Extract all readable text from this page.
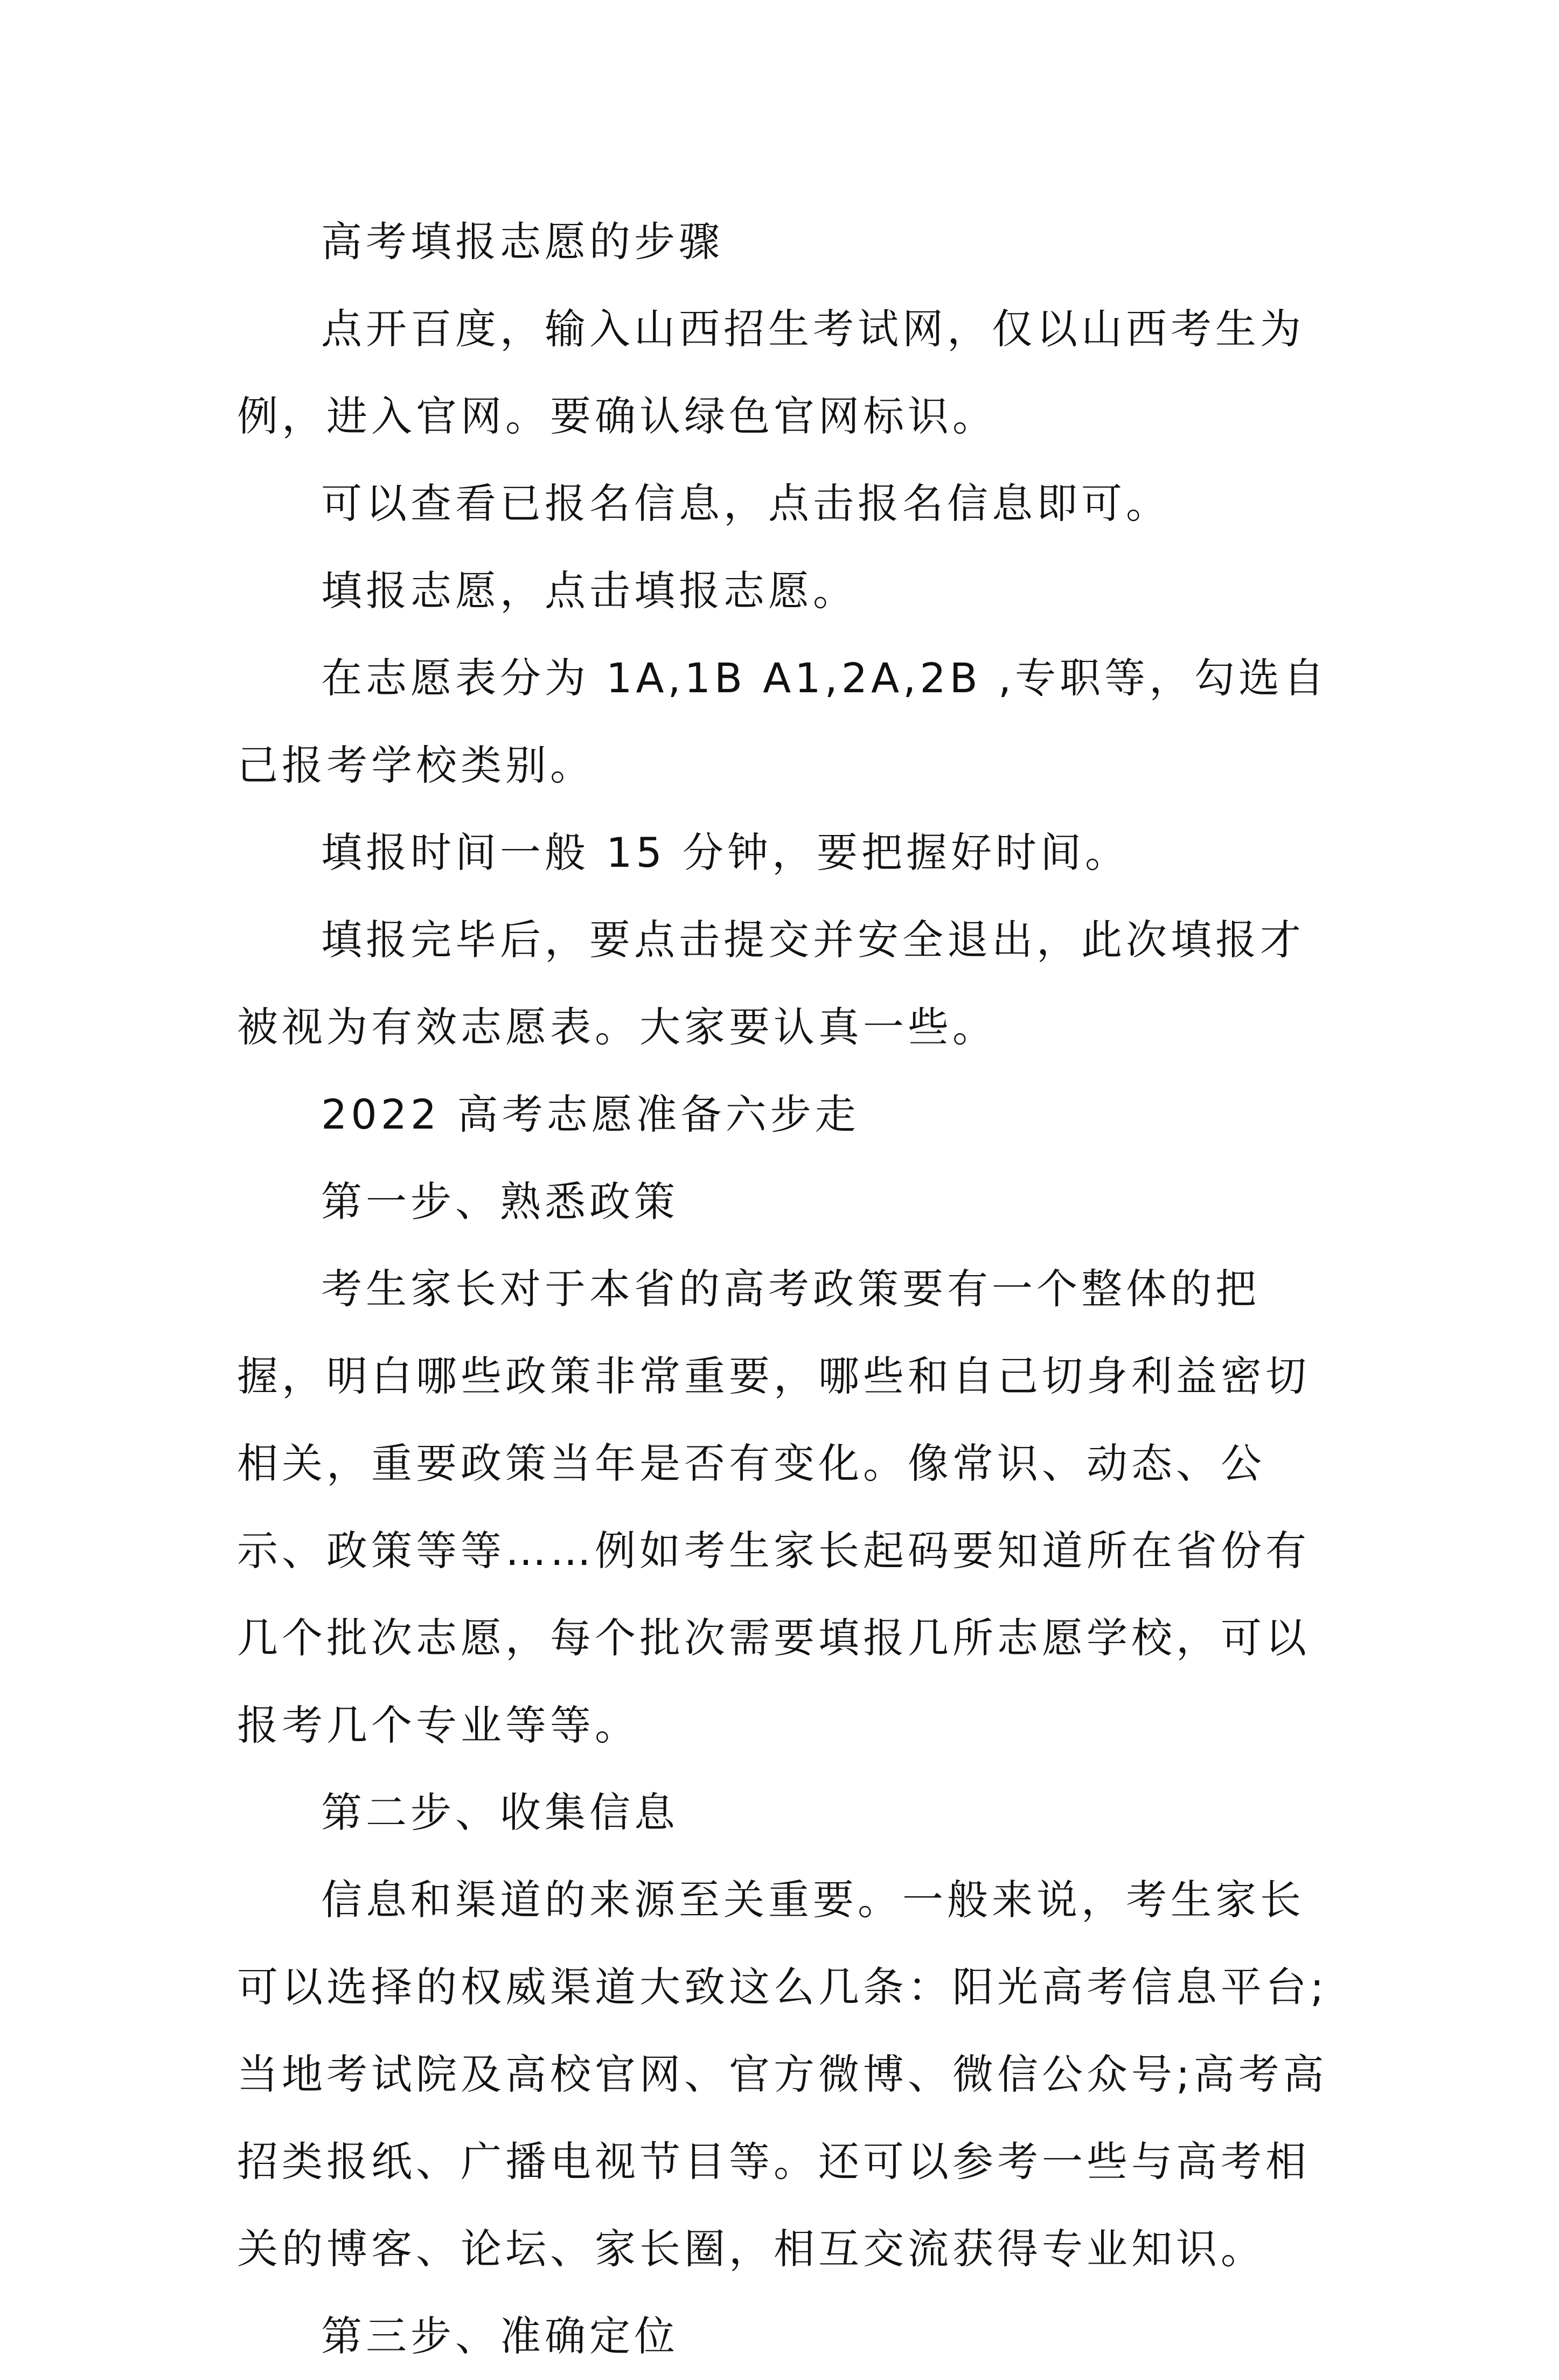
高考填报志愿的步骤

点开百度，输入山西招生考试网，仅以山西考生为例，进入官网。要确认绿色官网标识。

可以查看已报名信息，点击报名信息即可。

填报志愿，点击填报志愿。

在志愿表分为 1A,1B A1,2A,2B ,专职等，勾选自己报考学校类别。

填报时间一般 15 分钟，要把握好时间。

填报完毕后，要点击提交并安全退出，此次填报才被视为有效志愿表。大家要认真一些。

2022 高考志愿准备六步走

第一步、熟悉政策

考生家长对于本省的高考政策要有一个整体的把握，明白哪些政策非常重要，哪些和自己切身利益密切相关，重要政策当年是否有变化。像常识、动态、公示、政策等等……例如考生家长起码要知道所在省份有几个批次志愿，每个批次需要填报几所志愿学校，可以报考几个专业等等。

第二步、收集信息

信息和渠道的来源至关重要。一般来说，考生家长可以选择的权威渠道大致这么几条：阳光高考信息平台;当地考试院及高校官网、官方微博、微信公众号;高考高招类报纸、广播电视节目等。还可以参考一些与高考相关的博客、论坛、家长圈，相互交流获得专业知识。

第三步、准确定位
